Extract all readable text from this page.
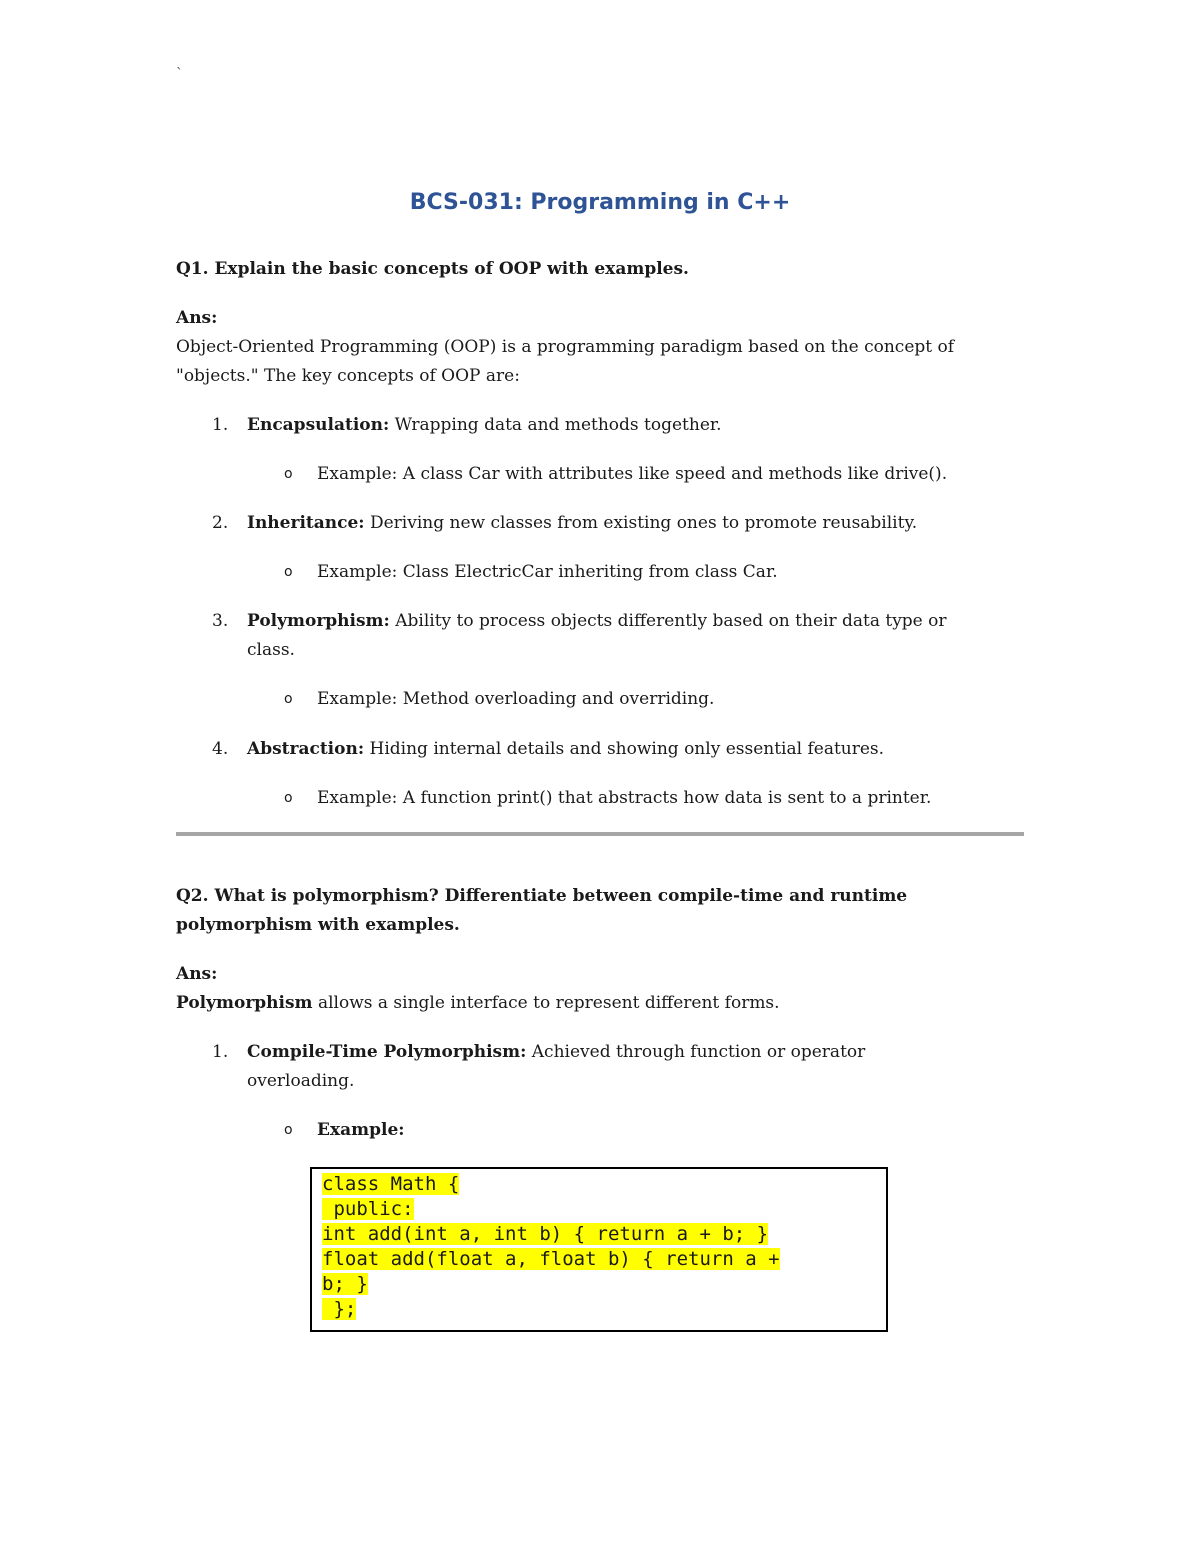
`
BCS-031: Programming in C++
Q1. Explain the basic concepts of OOP with examples.
Ans:
Object-Oriented Programming (OOP) is a programming paradigm based on the concept of
"objects." The key concepts of OOP are:
1. Encapsulation: Wrapping data and methods together.
o Example: A class Car with attributes like speed and methods like drive().
2. Inheritance: Deriving new classes from existing ones to promote reusability.
o Example: Class ElectricCar inheriting from class Car.
3. Polymorphism: Ability to process objects differently based on their data type or
class.
o Example: Method overloading and overriding.
4. Abstraction: Hiding internal details and showing only essential features.
o Example: A function print() that abstracts how data is sent to a printer.
Q2. What is polymorphism? Differentiate between compile-time and runtime
polymorphism with examples.
Ans:
Polymorphism allows a single interface to represent different forms.
1. Compile-Time Polymorphism: Achieved through function or operator
overloading.
o Example:
class Math {
public:
int add(int a, int b) { return a + b; }
float add(float a, float b) { return a +
b; }
};
